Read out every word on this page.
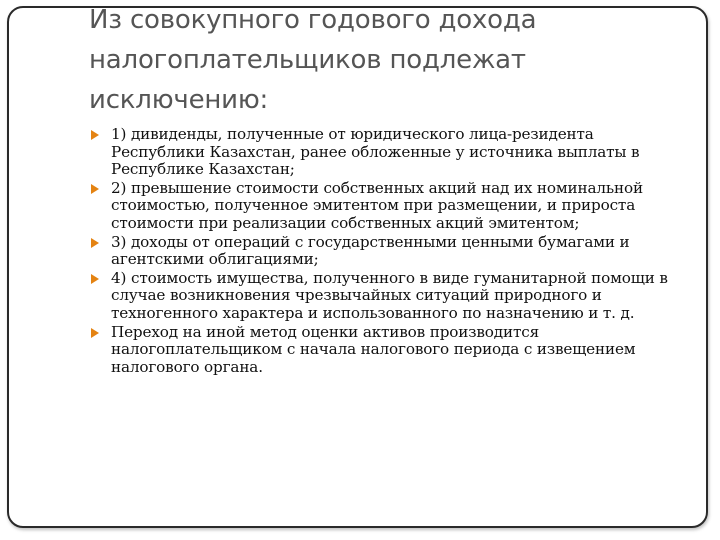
Из совокупного годового дохода
налогоплательщиков подлежат
исключению:
1) дивиденды, полученные от юридического лица-резидента Республики Казахстан, ранее обложенные у источника выплаты в Республике Казахстан;
2) превышение стоимости собственных акций над их номинальной стоимостью, полученное эмитентом при размещении, и прироста стоимости при реализации собственных акций эмитентом;
3) доходы от операций с государственными ценными бумагами и агентскими облигациями;
4) стоимость имущества, полученного в виде гуманитарной помощи в случае возникновения чрезвычайных ситуаций природного и техногенного характера и использованного по назначению и т. д.
Переход на иной метод оценки активов производится налогоплательщиком с начала налогового периода с извещением налогового органа.
